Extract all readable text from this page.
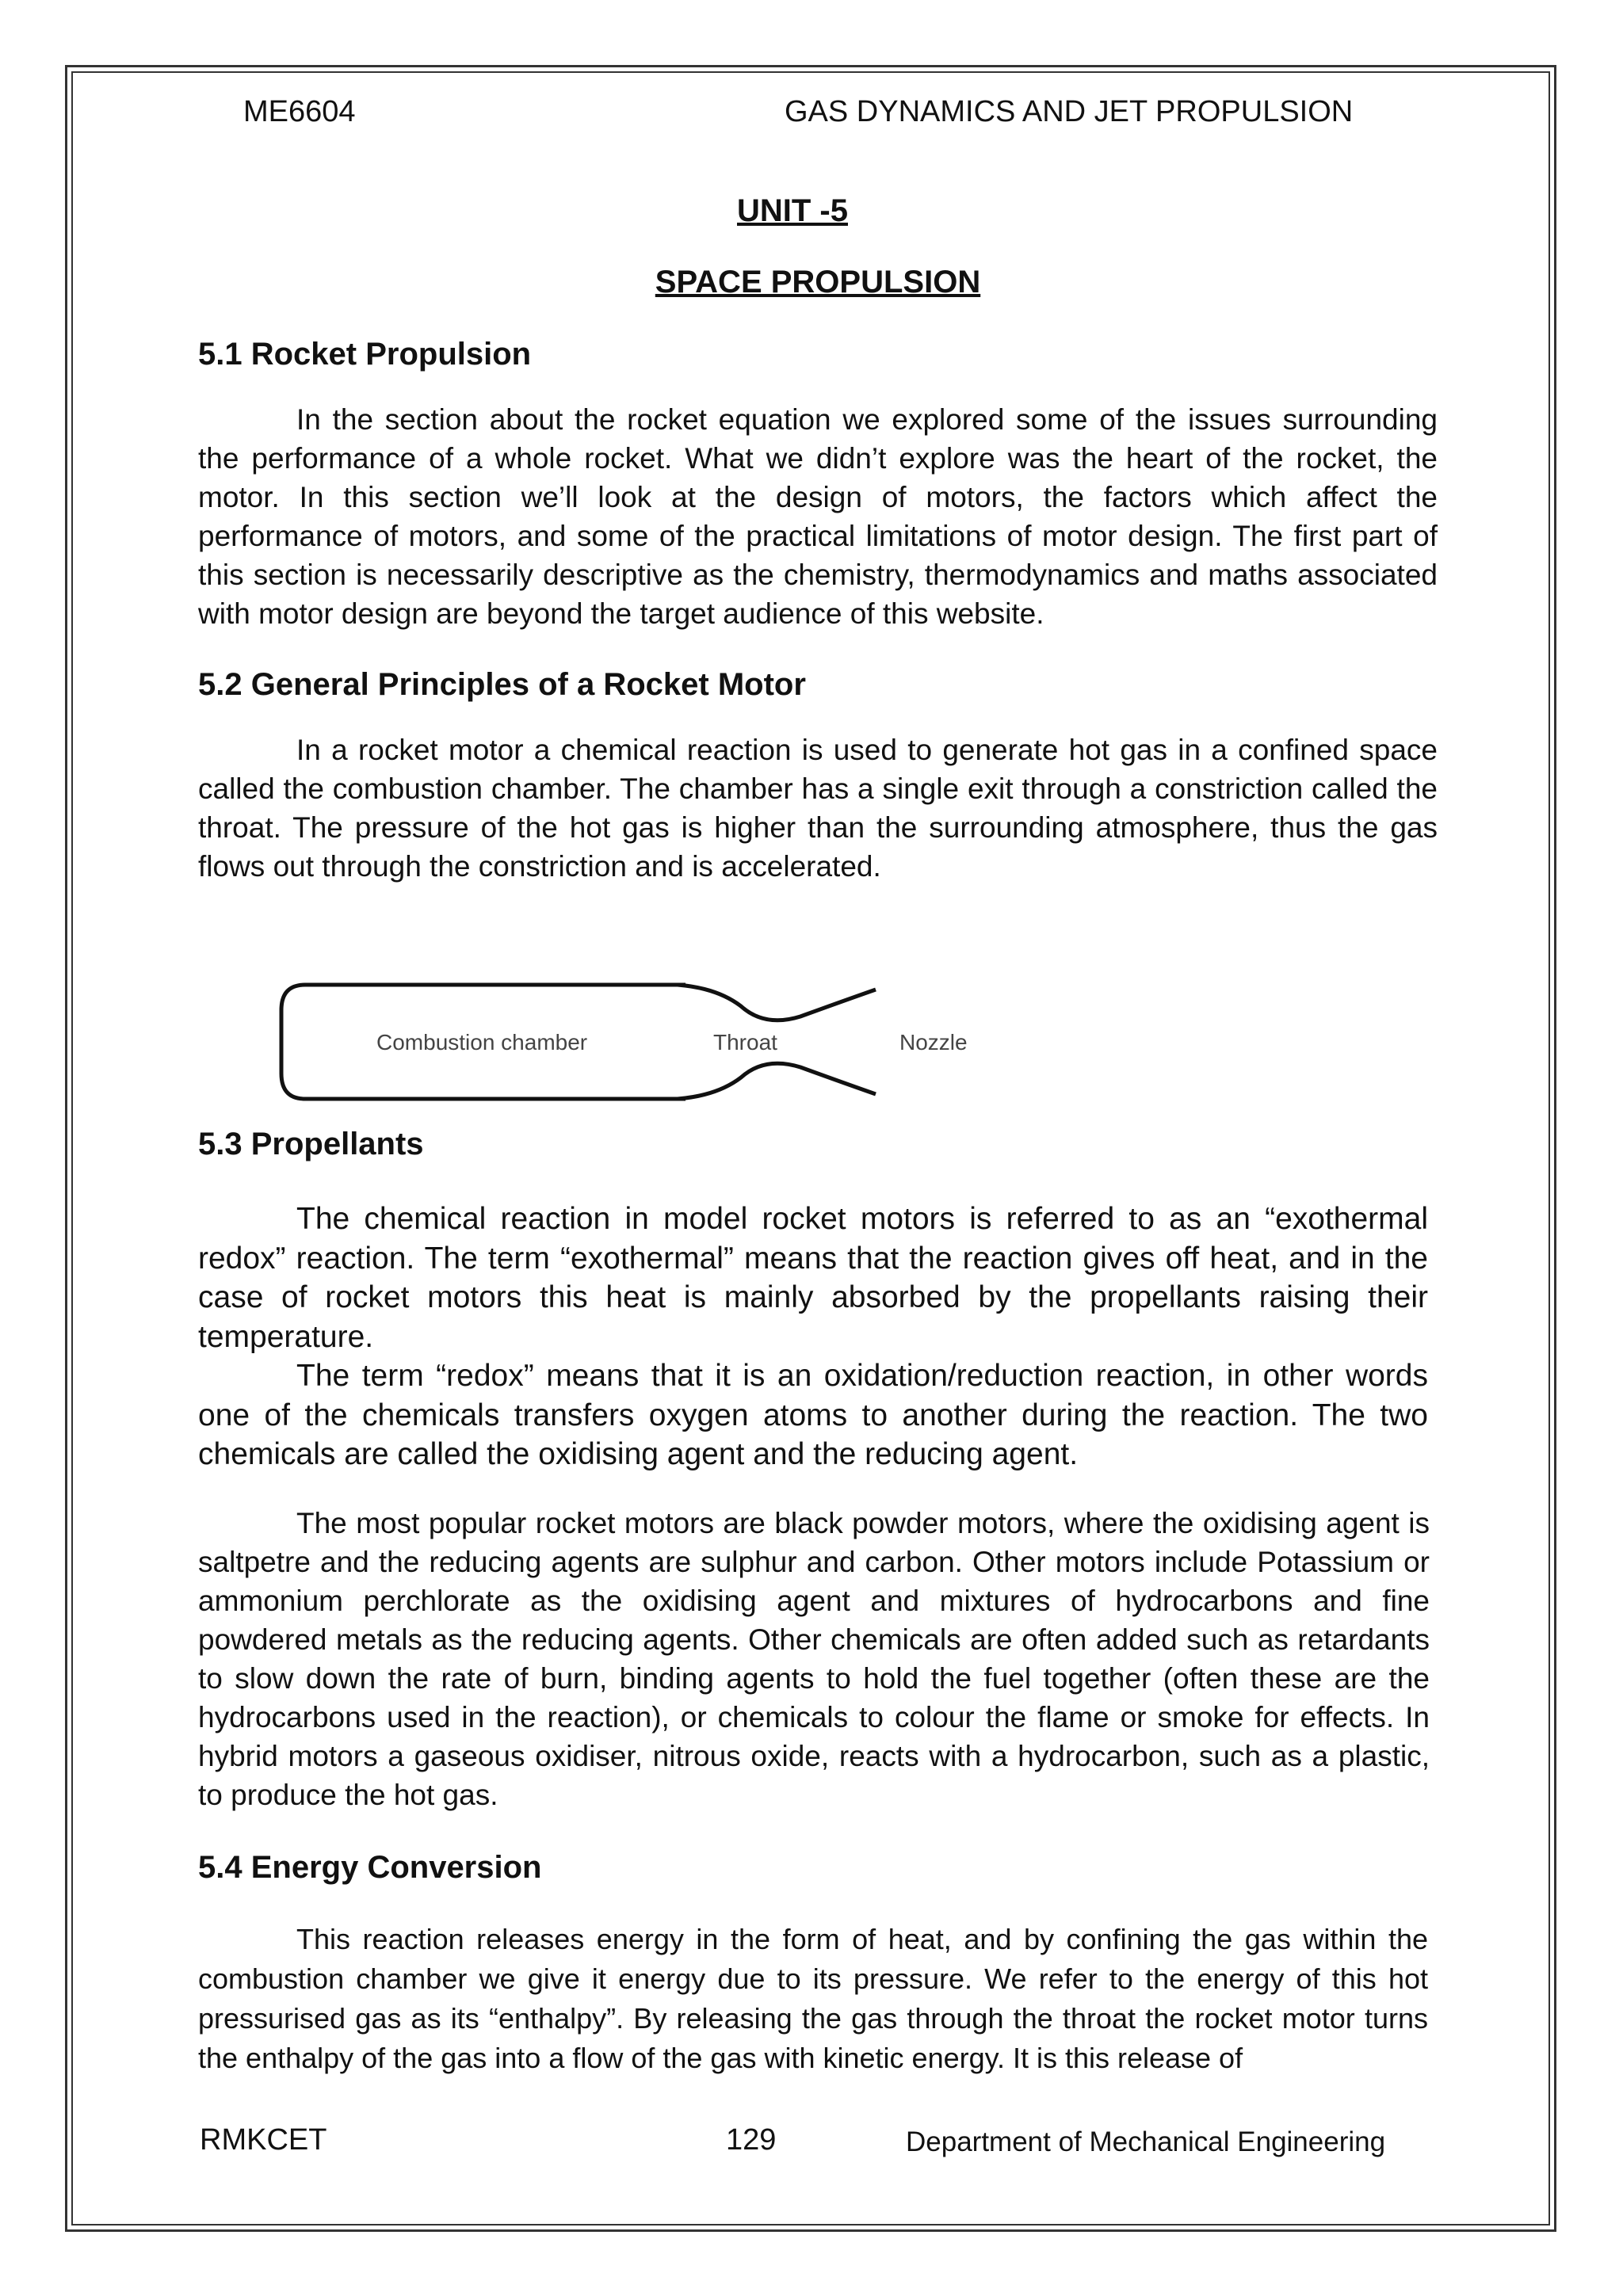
ME6604	GAS DYNAMICS AND JET PROPULSION
UNIT -5
SPACE PROPULSION
5.1 Rocket Propulsion

In the section about the rocket equation we explored some of the issues surrounding the performance of a whole rocket. What we didn’t explore was the heart of the rocket, the motor. In this section we’ll look at the design of motors, the factors which affect the performance of motors, and some of the practical limitations of motor design. The first part of this section is necessarily descriptive as the chemistry, thermodynamics and maths associated with motor design are beyond the target audience of this website.

5.2 General Principles of a Rocket Motor

In a rocket motor a chemical reaction is used to generate hot gas in a confined space called the combustion chamber. The chamber has a single exit through a constriction called the throat. The pressure of the hot gas is higher than the surrounding atmosphere, thus the gas flows out through the constriction and is accelerated.

Combustion chamber	Throat	Nozzle
5.3 Propellants

The chemical reaction in model rocket motors is referred to as an “exothermal redox” reaction. The term “exothermal” means that the reaction gives off heat, and in the case of rocket motors this heat is mainly absorbed by the propellants raising their temperature.

The term “redox” means that it is an oxidation/reduction reaction, in other words one of the chemicals transfers oxygen atoms to another during the reaction. The two chemicals are called the oxidising agent and the reducing agent.

The most popular rocket motors are black powder motors, where the oxidising agent is saltpetre and the reducing agents are sulphur and carbon. Other motors include Potassium or ammonium perchlorate as the oxidising agent and mixtures of hydrocarbons and fine powdered metals as the reducing agents. Other chemicals are often added such as retardants to slow down the rate of burn, binding agents to hold the fuel together (often these are the hydrocarbons used in the reaction), or chemicals to colour the flame or smoke for effects. In hybrid motors a gaseous oxidiser, nitrous oxide, reacts with a hydrocarbon, such as a plastic, to produce the hot gas.

5.4 Energy Conversion

This reaction releases energy in the form of heat, and by confining the gas within the combustion chamber we give it energy due to its pressure. We refer to the energy of this hot pressurised gas as its “enthalpy”. By releasing the gas through the throat the rocket motor turns the enthalpy of the gas into a flow of the gas with kinetic energy. It is this release of

RMKCET	129	Department of Mechanical Engineering
